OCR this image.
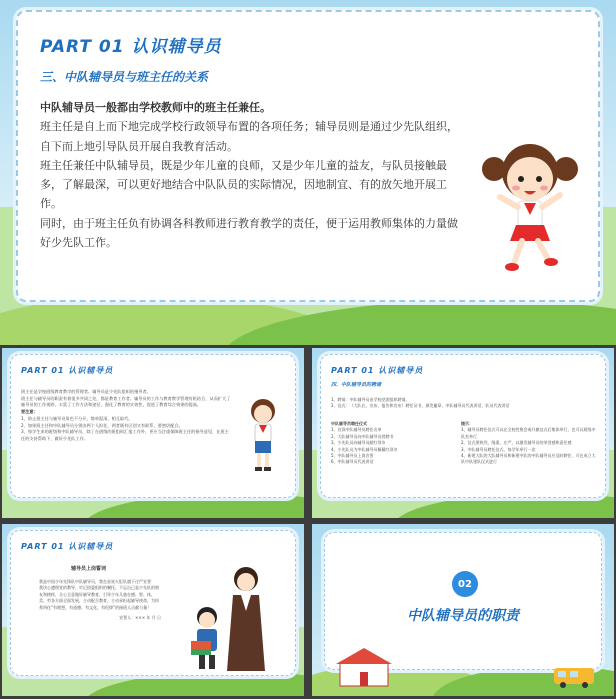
PART 01 认识辅导员
三、中队辅导员与班主任的关系

中队辅导员一般都由学校教师中的班主任兼任。

班主任是自上而下地完成学校行政领导布置的各项任务；辅导员则是通过少先队组织，自下而上地引导队员开展自我教育活动。

班主任兼任中队辅导员，既是少年儿童的良师，又是少年儿童的益友，与队员接触最多，了解最深，可以更好地结合中队队员的实际情况，因地制宜、有的放矢地开展工作。

同时，由于班主任负有协调各科教师进行教育教学的责任，便于运用教师集体的力量做好少先队工作。

PART 01 认识辅导员

班主任是学校班级教育教学的管理者。辅导员是少先队组织的指导者。

班主任与辅导员的职责有着很多共同之处，都是教育工作者。辅导员的工作与教育教学管理有机结合，从而扩大了辅导员的工作视野，丰富了工作方法和途径，强化了教育的实效性，促进了教育综合效果的提高。

要注意：

1、防止班主任与辅导员角色不分开，简单混淆，相互取代。

2、如果班主任和中队辅导员分别由两个人担任，两者既有区别又有联系，要密切配合。

3、每学生来的班级和中队辅导员，除了在班级的班组织汇报工作外，更应当注重保障班主任的指导意见，在班主任的支持帮助下，做好少先队工作。

PART 01 认识辅导员
四、中队辅导员的聘请

1、聘请：中队辅导员由学校党团组织聘请。

2、仪式：（大队长、宣布、报告和宣布）聘任证书、颁发徽章、中队辅导员代表讲话、队员代表讲话

中队辅导员聘任仪式

1、宣读中队辅导员聘任名单

2、大队辅导员向中队辅导员授聘书

3、少先队员向辅导员献红领巾

4、少先队员为中队辅导员佩戴红领巾

5、中队辅导员上岗宣誓

6、中队辅导员代表讲话

提示：

1、辅导员聘任仪式可以在全校性集会或升旗仪式后集体举行，也可以班级中队室举行

2、仪式要热烈、隆重、庄严，以激发辅导员的荣誉感和责任感

3、中队辅导员聘任仪式，每学年举行一次

4、新建大队的大队辅导员和新建中队的中队辅导员应及时聘任，可在成立大队中队建队仪式进行

PART 01 认识辅导员
辅导员上岗誓词

我是中国少年先锋队中队辅导员，我在星星火炬队旗下庄严宣誓：

我决心遵照党的教导，牢记团委组织的嘱托，不忘自己是少先队的朋友和榜样，全心全意做好辅导教育，引导少年儿童在德、智、体、美、劳各方面全面发展，主动配合教育，主动承担起辅导使命，为培养四化“有理想、有道德、有文化、有纪律”的接班人贡献力量！

宣誓人：××× 年 月 日

02
中队辅导员的职责
